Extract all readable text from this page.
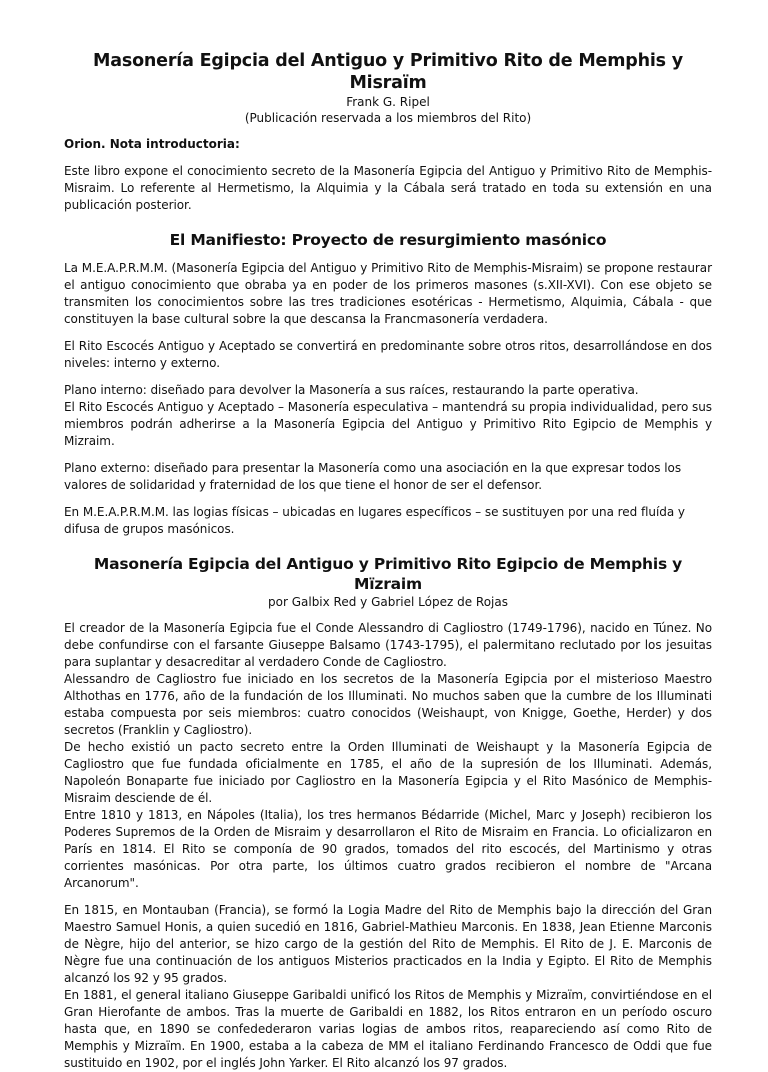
Masonería Egipcia del Antiguo y Primitivo Rito de Memphis y Misraïm

Frank G. Ripel

(Publicación reservada a los miembros del Rito)

Orion. Nota introductoria:

Este libro expone el conocimiento secreto de la Masonería Egipcia del Antiguo y Primitivo Rito de Memphis-Misraim. Lo referente al Hermetismo, la Alquimia y la Cábala será tratado en toda su extensión en una publicación posterior.

El Manifiesto: Proyecto de resurgimiento masónico

La M.E.A.P.R.M.M. (Masonería Egipcia del Antiguo y Primitivo Rito de Memphis-Misraim) se propone restaurar el antiguo conocimiento que obraba ya en poder de los primeros masones (s.XII-XVI). Con ese objeto se transmiten los conocimientos sobre las tres tradiciones esotéricas - Hermetismo, Alquimia, Cábala - que constituyen la base cultural sobre la que descansa la Francmasonería verdadera.

El Rito Escocés Antiguo y Aceptado se convertirá en predominante sobre otros ritos, desarrollándose en dos niveles: interno y externo.

Plano interno: diseñado para devolver la Masonería a sus raíces, restaurando la parte operativa.

El Rito Escocés Antiguo y Aceptado – Masonería especulativa – mantendrá su propia individualidad, pero sus miembros podrán adherirse a la Masonería Egipcia del Antiguo y Primitivo Rito Egipcio de Memphis y Mizraim.

Plano externo: diseñado para presentar la Masonería como una asociación en la que expresar todos los valores de solidaridad y fraternidad de los que tiene el honor de ser el defensor.

En M.E.A.P.R.M.M. las logias físicas – ubicadas en lugares específicos – se sustituyen por una red fluída y difusa de grupos masónicos.

Masonería Egipcia del Antiguo y Primitivo Rito Egipcio de Memphis y Mïzraim

por Galbix Red y Gabriel López de Rojas

El creador de la Masonería Egipcia fue el Conde Alessandro di Cagliostro (1749-1796), nacido en Túnez. No debe confundirse con el farsante Giuseppe Balsamo (1743-1795), el palermitano reclutado por los jesuitas para suplantar y desacreditar al verdadero Conde de Cagliostro.

Alessandro de Cagliostro fue iniciado en los secretos de la Masonería Egipcia por el misterioso Maestro Althothas en 1776, año de la fundación de los Illuminati. No muchos saben que la cumbre de los Illuminati estaba compuesta por seis miembros: cuatro conocidos (Weishaupt, von Knigge, Goethe, Herder) y dos secretos (Franklin y Cagliostro).

De hecho existió un pacto secreto entre la Orden Illuminati de Weishaupt y la Masonería Egipcia de Cagliostro que fue fundada oficialmente en 1785, el año de la supresión de los Illuminati. Además, Napoleón Bonaparte fue iniciado por Cagliostro en la Masonería Egipcia y el Rito Masónico de Memphis-Misraim desciende de él.

Entre 1810 y 1813, en Nápoles (Italia), los tres hermanos Bédarride (Michel, Marc y Joseph) recibieron los Poderes Supremos de la Orden de Misraim y desarrollaron el Rito de Misraim en Francia. Lo oficializaron en París en 1814. El Rito se componía de 90 grados, tomados del rito escocés, del Martinismo y otras corrientes masónicas. Por otra parte, los últimos cuatro grados recibieron el nombre de "Arcana Arcanorum".

En 1815, en Montauban (Francia), se formó la Logia Madre del Rito de Memphis bajo la dirección del Gran Maestro Samuel Honis, a quien sucedió en 1816, Gabriel-Mathieu Marconis. En 1838, Jean Etienne Marconis de Nègre, hijo del anterior, se hizo cargo de la gestión del Rito de Memphis. El Rito de J. E. Marconis de Nègre fue una continuación de los antiguos Misterios practicados en la India y Egipto. El Rito de Memphis alcanzó los 92 y 95 grados.

En 1881, el general italiano Giuseppe Garibaldi unificó los Ritos de Memphis y Mizraïm, convirtiéndose en el Gran Hierofante de ambos. Tras la muerte de Garibaldi en 1882, los Ritos entraron en un período oscuro hasta que, en 1890 se confedederaron varias logias de ambos ritos, reapareciendo así como Rito de Memphis y Mizraïm. En 1900, estaba a la cabeza de MM el italiano Ferdinando Francesco de Oddi que fue sustituido en 1902, por el inglés John Yarker. El Rito alcanzó los 97 grados.
